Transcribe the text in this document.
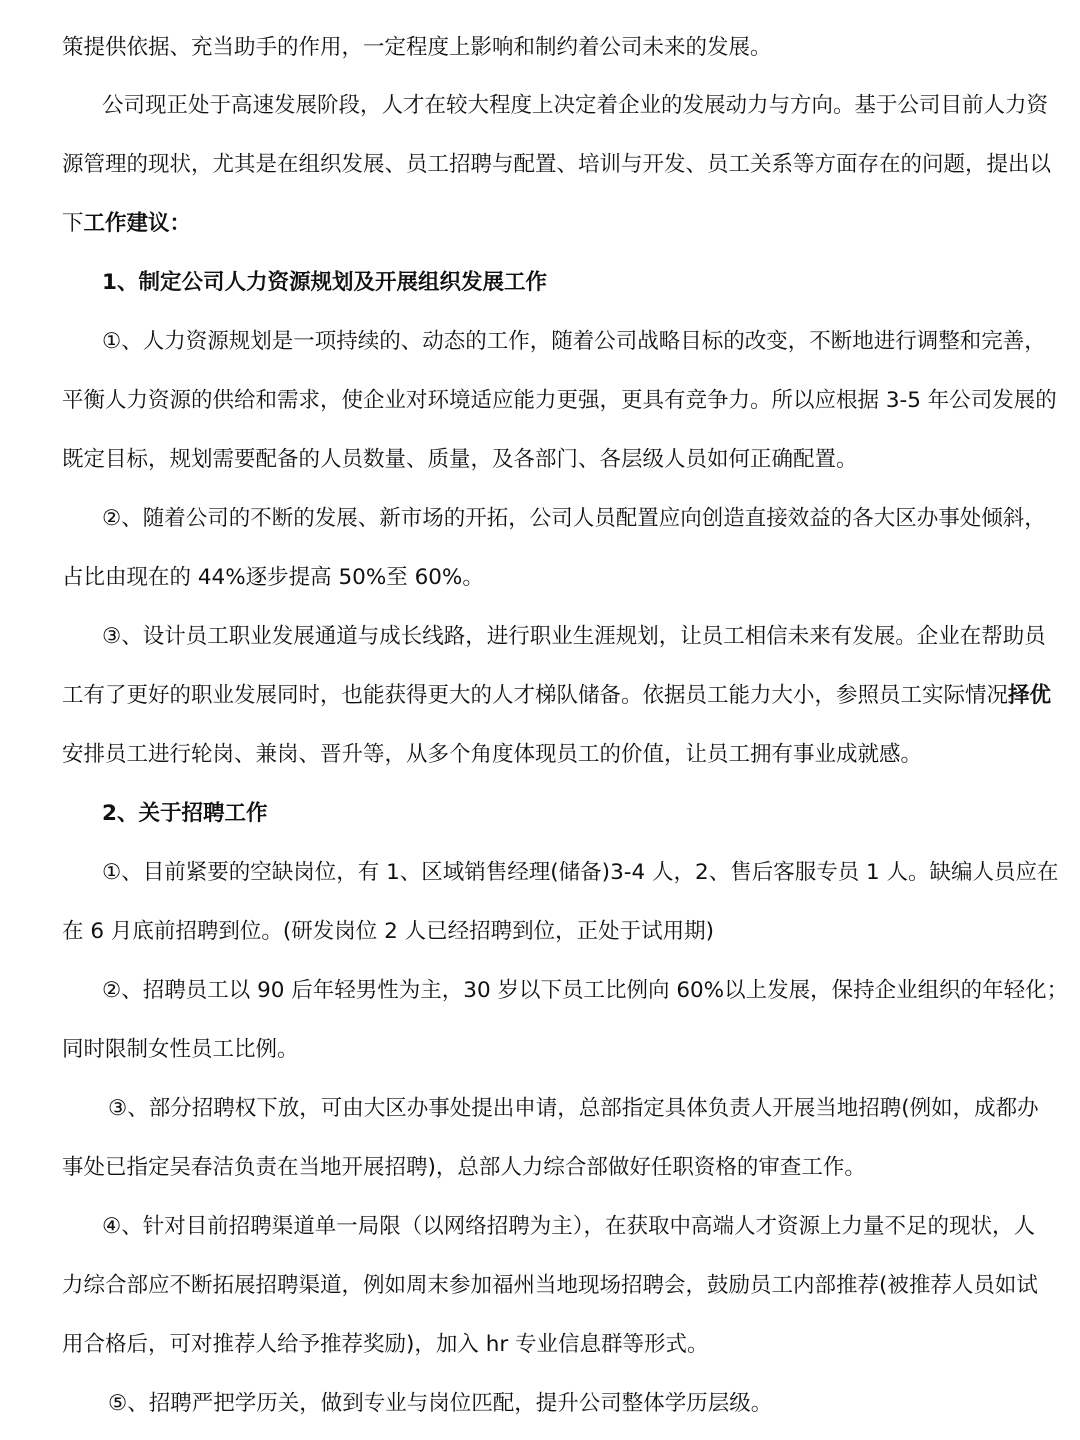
策提供依据、充当助手的作用，一定程度上影响和制约着公司未来的发展。
公司现正处于高速发展阶段，人才在较大程度上决定着企业的发展动力与方向。基于公司目前人力资
源管理的现状，尤其是在组织发展、员工招聘与配置、培训与开发、员工关系等方面存在的问题，提出以
下工作建议：
1、制定公司人力资源规划及开展组织发展工作
①、人力资源规划是一项持续的、动态的工作，随着公司战略目标的改变，不断地进行调整和完善，
平衡人力资源的供给和需求，使企业对环境适应能力更强，更具有竞争力。所以应根据 3-5 年公司发展的
既定目标，规划需要配备的人员数量、质量，及各部门、各层级人员如何正确配置。
②、随着公司的不断的发展、新市场的开拓，公司人员配置应向创造直接效益的各大区办事处倾斜，
占比由现在的 44%逐步提高 50%至 60%。
③、设计员工职业发展通道与成长线路，进行职业生涯规划，让员工相信未来有发展。企业在帮助员
工有了更好的职业发展同时，也能获得更大的人才梯队储备。依据员工能力大小，参照员工实际情况择优
安排员工进行轮岗、兼岗、晋升等，从多个角度体现员工的价值，让员工拥有事业成就感。
2、关于招聘工作
①、目前紧要的空缺岗位，有 1、区域销售经理(储备)3-4 人，2、售后客服专员 1 人。缺编人员应在
在 6 月底前招聘到位。(研发岗位 2 人已经招聘到位，正处于试用期)
②、招聘员工以 90 后年轻男性为主，30 岁以下员工比例向 60%以上发展，保持企业组织的年轻化；
同时限制女性员工比例。
③、部分招聘权下放，可由大区办事处提出申请，总部指定具体负责人开展当地招聘(例如，成都办
事处已指定吴春洁负责在当地开展招聘)，总部人力综合部做好任职资格的审查工作。
④、针对目前招聘渠道单一局限（以网络招聘为主），在获取中高端人才资源上力量不足的现状，人
力综合部应不断拓展招聘渠道，例如周末参加福州当地现场招聘会，鼓励员工内部推荐(被推荐人员如试
用合格后，可对推荐人给予推荐奖励)，加入 hr 专业信息群等形式。
⑤、招聘严把学历关，做到专业与岗位匹配，提升公司整体学历层级。
